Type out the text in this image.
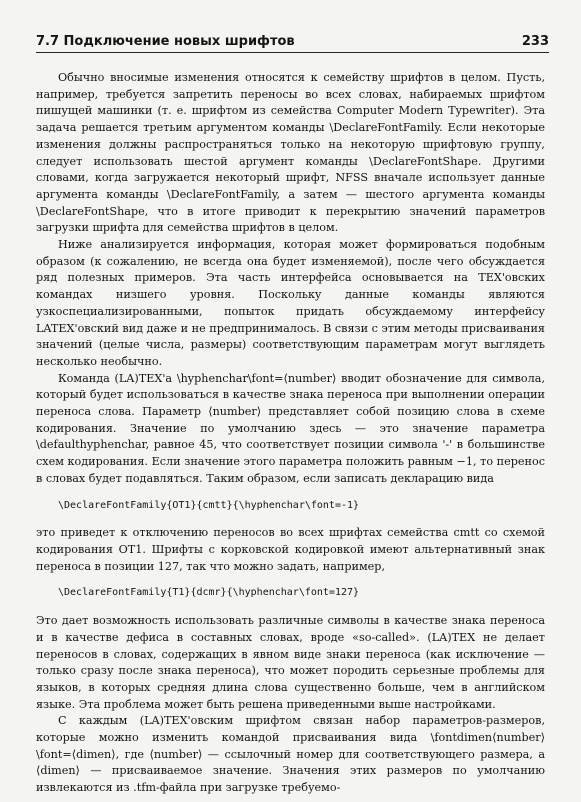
7.7 Подключение новых шрифтов	233

Обычно вносимые изменения относятся к семейству шрифтов в целом. Пусть, например, требуется запретить переносы во всех словах, набираемых шрифтом пишущей машинки (т. е. шрифтом из семейства Computer Modern Typewriter). Эта задача решается третьим аргументом команды \DeclareFontFamily. Если некоторые изменения должны распространяться только на некоторую шрифтовую группу, следует использовать шестой аргумент команды \DeclareFontShape. Другими словами, когда загружается некоторый шрифт, NFSS вначале использует данные аргумента команды \DeclareFontFamily, а затем — шестого аргумента команды \DeclareFontShape, что в итоге приводит к перекрытию значений параметров загрузки шрифта для семейства шрифтов в целом.

Ниже анализируется информация, которая может формироваться подобным образом (к сожалению, не всегда она будет изменяемой), после чего обсуждается ряд полезных примеров. Эта часть интерфейса основывается на TEX'овских командах низшего уровня. Поскольку данные команды являются узкоспециализированными, попыток придать обсуждаемому интерфейсу LATEX'овский вид даже и не предпринималось. В связи с этим методы присваивания значений (целые числа, размеры) соответствующим параметрам могут выглядеть несколько необычно.

Команда (LA)TEX'а \hyphenchar\font=⟨number⟩ вводит обозначение для символа, который будет использоваться в качестве знака переноса при выполнении операции переноса слова. Параметр ⟨number⟩ представляет собой позицию слова в схеме кодирования. Значение по умолчанию здесь — это значение параметра \defaulthyphenchar, равное 45, что соответствует позиции символа '-' в большинстве схем кодирования. Если значение этого параметра положить равным −1, то перенос в словах будет подавляться. Таким образом, если записать декларацию вида

\DeclareFontFamily{OT1}{cmtt}{\hyphenchar\font=-1}

это приведет к отключению переносов во всех шрифтах семейства cmtt со схемой кодирования OT1. Шрифты с корковской кодировкой имеют альтернативный знак переноса в позиции 127, так что можно задать, например,

\DeclareFontFamily{T1}{dcmr}{\hyphenchar\font=127}

Это дает возможность использовать различные символы в качестве знака переноса и в качестве дефиса в составных словах, вроде «so-called». (LA)TEX не делает переносов в словах, содержащих в явном виде знаки переноса (как исключение — только сразу после знака переноса), что может породить серьезные проблемы для языков, в которых средняя длина слова существенно больше, чем в английском языке. Эта проблема может быть решена приведенными выше настройками.

С каждым (LA)TEX'овским шрифтом связан набор параметров-размеров, которые можно изменить командой присваивания вида \fontdimen⟨number⟩\font=⟨dimen⟩, где ⟨number⟩ — ссылочный номер для соответствующего размера, а ⟨dimen⟩ — присваиваемое значение. Значения этих размеров по умолчанию извлекаются из .tfm-файла при загрузке требуемо-
